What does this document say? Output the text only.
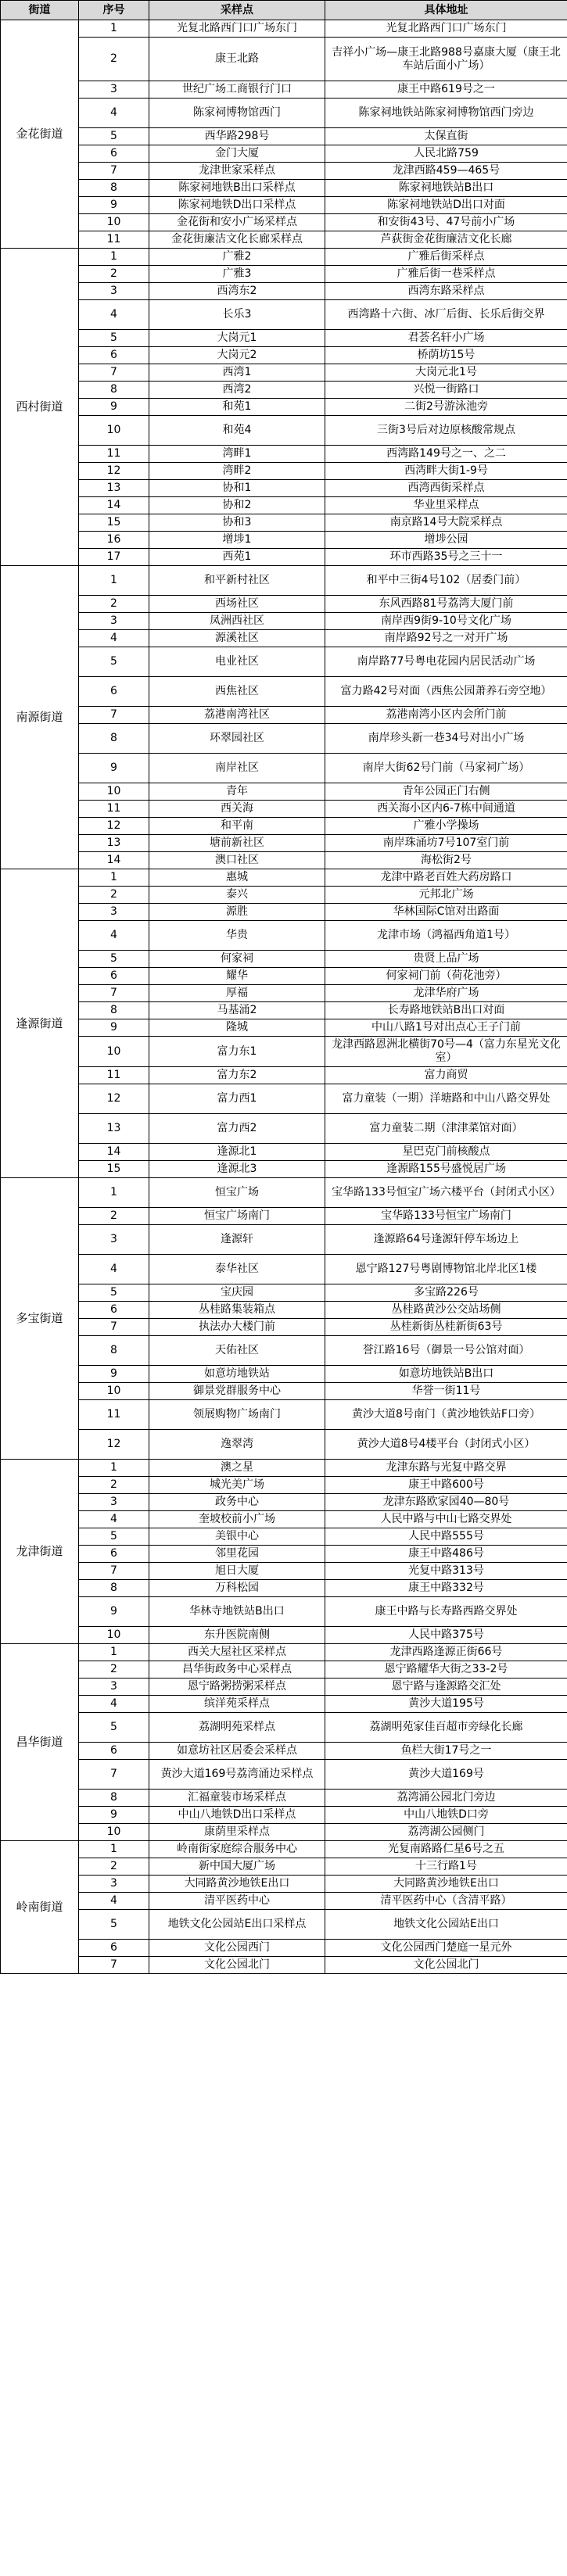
街道	序号	采样点	具体地址
金花街道	1	光复北路西门口广场东门	光复北路西门口广场东门
	2	康王北路	吉祥小广场—康王北路988号嘉康大厦（康王北车站后面小广场）
	3	世纪广场工商银行门口	康王中路619号之一
	4	陈家祠博物馆西门	陈家祠地铁站陈家祠博物馆西门旁边
	5	西华路298号	太保直街
	6	金门大厦	人民北路759
	7	龙津世家采样点	龙津西路459—465号
	8	陈家祠地铁B出口采样点	陈家祠地铁站B出口
	9	陈家祠地铁D出口采样点	陈家祠地铁站D出口对面
	10	金花街和安小广场采样点	和安街43号、47号前小广场
	11	金花街廉洁文化长廊采样点	芦荻街金花街廉洁文化长廊
西村街道	1	广雅2	广雅后街采样点
	2	广雅3	广雅后街一巷采样点
	3	西湾东2	西湾东路采样点
	4	长乐3	西湾路十六街、冰厂后街、长乐后街交界
	5	大岗元1	君荟名轩小广场
	6	大岗元2	桥荫坊15号
	7	西湾1	大岗元北1号
	8	西湾2	兴悦一街路口
	9	和苑1	二街2号游泳池旁
	10	和苑4	三街3号后对边原核酸常规点
	11	湾畔1	西湾路149号之一、之二
	12	湾畔2	西湾畔大街1-9号
	13	协和1	西湾西街采样点
	14	协和2	华业里采样点
	15	协和3	南京路14号大院采样点
	16	增埗1	增埗公园
	17	西苑1	环市西路35号之三十一
南源街道	1	和平新村社区	和平中三街4号102（居委门前）
	2	西场社区	东风西路81号荔湾大厦门前
	3	凤洲西社区	南岸西9街9-10号文化广场
	4	源溪社区	南岸路92号之一对开广场
	5	电业社区	南岸路77号粤电花园内居民活动广场
	6	西焦社区	富力路42号对面（西焦公园萧养石旁空地）
	7	荔港南湾社区	荔港南湾小区内会所门前
	8	环翠园社区	南岸珍头新一巷34号对出小广场
	9	南岸社区	南岸大街62号门前（马家祠广场）
	10	青年	青年公园正门右侧
	11	西关海	西关海小区内6-7栋中间通道
	12	和平南	广雅小学操场
	13	塘前新社区	南岸珠涌坊7号107室门前
	14	澳口社区	海松街2号
逢源街道	1	惠城	龙津中路老百姓大药房路口
	2	泰兴	元邦北广场
	3	源胜	华林国际C馆对出路面
	4	华贵	龙津市场（鸿福西角道1号）
	5	何家祠	贵贤上品广场
	6	耀华	何家祠门前（荷花池旁）
	7	厚福	龙津华府广场
	8	马基涌2	长寿路地铁站B出口对面
	9	隆城	中山八路1号对出点心王子门前
	10	富力东1	龙津西路恩洲北横街70号—4（富力东星光文化室）
	11	富力东2	富力商贸
	12	富力西1	富力童装（一期）洋塘路和中山八路交界处
	13	富力西2	富力童装二期（津津菜馆对面）
	14	逢源北1	星巴克门前核酸点
	15	逢源北3	逢源路155号盛悦居广场
多宝街道	1	恒宝广场	宝华路133号恒宝广场六楼平台（封闭式小区）
	2	恒宝广场南门	宝华路133号恒宝广场南门
	3	逢源轩	逢源路64号逢源轩停车场边上
	4	泰华社区	恩宁路127号粤剧博物馆北岸北区1楼
	5	宝庆园	多宝路226号
	6	丛桂路集装箱点	丛桂路黄沙公交站场侧
	7	执法办大楼门前	丛桂新街丛桂新街63号
	8	天佑社区	誉江路16号（御景一号公馆对面）
	9	如意坊地铁站	如意坊地铁站B出口
	10	御景党群服务中心	华誉一街11号
	11	领展购物广场南门	黄沙大道8号南门（黄沙地铁站F口旁）
	12	逸翠湾	黄沙大道8号4楼平台（封闭式小区）
龙津街道	1	澳之星	龙津东路与光复中路交界
	2	城光美广场	康王中路600号
	3	政务中心	龙津东路欧家园40—80号
	4	奎坡校前小广场	人民中路与中山七路交界处
	5	美银中心	人民中路555号
	6	邻里花园	康王中路486号
	7	旭日大厦	光复中路313号
	8	万科松园	康王中路332号
	9	华林寺地铁站B出口	康王中路与长寿路西路交界处
	10	东升医院南侧	人民中路375号
昌华街道	1	西关大屋社区采样点	龙津西路逢源正街66号
	2	昌华街政务中心采样点	恩宁路耀华大街之33-2号
	3	恩宁路粥捞粥采样点	恩宁路与逢源路交汇处
	4	缤洋苑采样点	黄沙大道195号
	5	荔湖明苑采样点	荔湖明苑家佳百超市旁绿化长廊
	6	如意坊社区居委会采样点	鱼栏大街17号之一
	7	黄沙大道169号荔湾涌边采样点	黄沙大道169号
	8	汇福童装市场采样点	荔湾涌公园北门旁边
	9	中山八地铁D出口采样点	中山八地铁D口旁
	10	康荫里采样点	荔湾湖公园侧门
岭南街道	1	岭南街家庭综合服务中心	光复南路路仁星6号之五
	2	新中国大厦广场	十三行路1号
	3	大同路黄沙地铁E出口	大同路黄沙地铁E出口
	4	清平医药中心	清平医药中心（含清平路）
	5	地铁文化公园站E出口采样点	地铁文化公园站E出口
	6	文化公园西门	文化公园西门楚庭一星元外
	7	文化公园北门	文化公园北门
